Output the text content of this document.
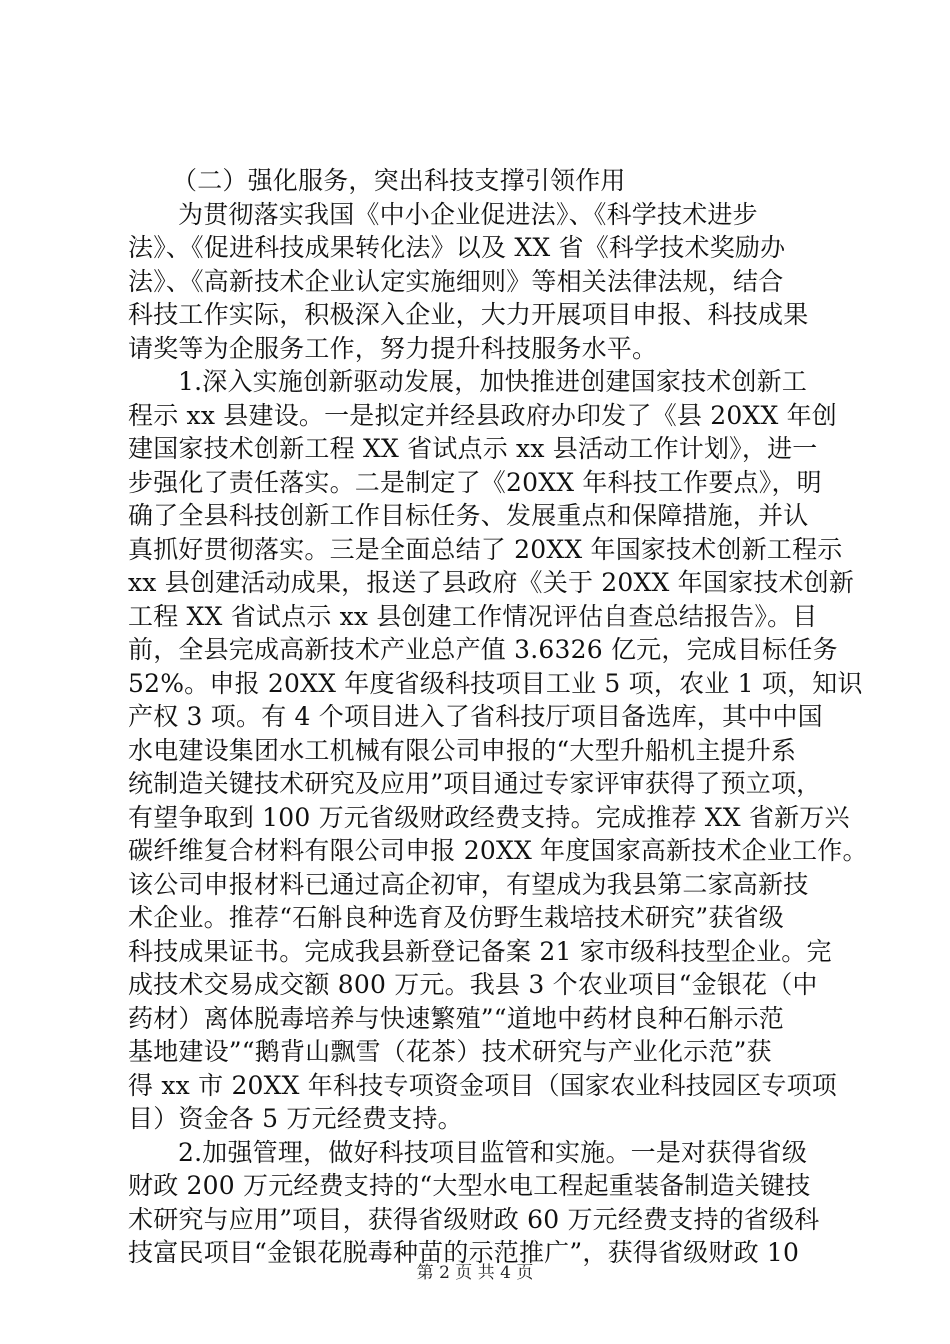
（二）强化服务，突出科技支撑引领作用
为贯彻落实我国《中小企业促进法》、《科学技术进步
法》、《促进科技成果转化法》以及 XX 省《科学技术奖励办
法》、《高新技术企业认定实施细则》等相关法律法规，结合
科技工作实际，积极深入企业，大力开展项目申报、科技成果
请奖等为企服务工作，努力提升科技服务水平。
1.深入实施创新驱动发展，加快推进创建国家技术创新工
程示 xx 县建设。一是拟定并经县政府办印发了《县 20XX 年创
建国家技术创新工程 XX 省试点示 xx 县活动工作计划》，进一
步强化了责任落实。二是制定了《20XX 年科技工作要点》，明
确了全县科技创新工作目标任务、发展重点和保障措施，并认
真抓好贯彻落实。三是全面总结了 20XX 年国家技术创新工程示
xx 县创建活动成果，报送了县政府《关于 20XX 年国家技术创新
工程 XX 省试点示 xx 县创建工作情况评估自查总结报告》。目
前，全县完成高新技术产业总产值 3.6326 亿元，完成目标任务
52%。申报 20XX 年度省级科技项目工业 5 项，农业 1 项，知识
产权 3 项。有 4 个项目进入了省科技厅项目备选库，其中中国
水电建设集团水工机械有限公司申报的“大型升船机主提升系
统制造关键技术研究及应用”项目通过专家评审获得了预立项，
有望争取到 100 万元省级财政经费支持。完成推荐 XX 省新万兴
碳纤维复合材料有限公司申报 20XX 年度国家高新技术企业工作。
该公司申报材料已通过高企初审，有望成为我县第二家高新技
术企业。推荐“石斛良种选育及仿野生栽培技术研究”获省级
科技成果证书。完成我县新登记备案 21 家市级科技型企业。完
成技术交易成交额 800 万元。我县 3 个农业项目“金银花（中
药材）离体脱毒培养与快速繁殖”“道地中药材良种石斛示范
基地建设”“鹅背山飘雪（花茶）技术研究与产业化示范”获
得 xx 市 20XX 年科技专项资金项目（国家农业科技园区专项项
目）资金各 5 万元经费支持。
2.加强管理，做好科技项目监管和实施。一是对获得省级
财政 200 万元经费支持的“大型水电工程起重装备制造关键技
术研究与应用”项目，获得省级财政 60 万元经费支持的省级科
技富民项目“金银花脱毒种苗的示范推广”，获得省级财政 10
第 2 页 共 4 页
